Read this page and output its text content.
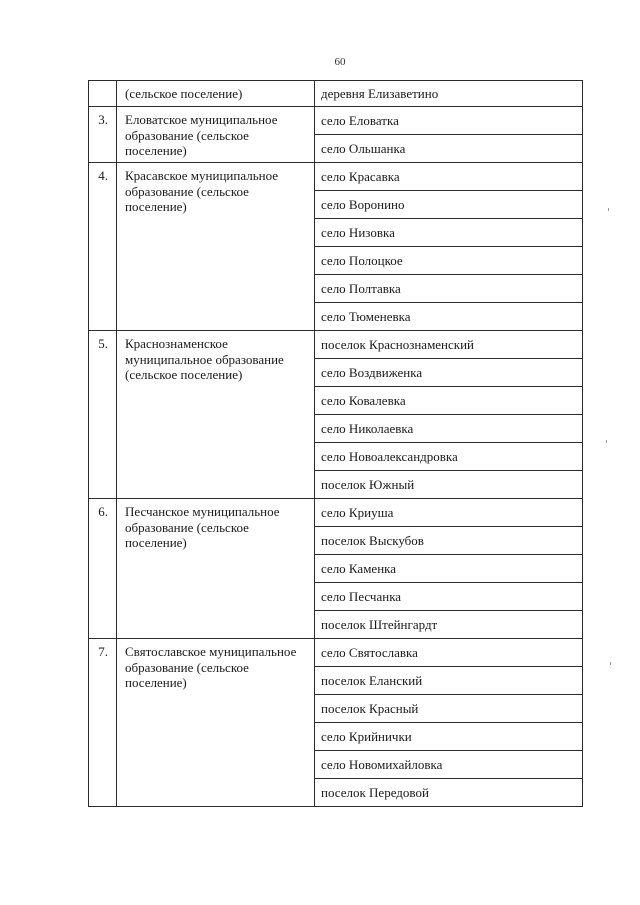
60
	(сельское поселение)	деревня Елизаветино
3.	Еловатское муниципальное образование (сельское поселение)	село Еловатка
		село Ольшанка
4.	Красавское муниципальное образование (сельское поселение)	село Красавка
		село Воронино
		село Низовка
		село Полоцкое
		село Полтавка
		село Тюменевка
5.	Краснознаменское муниципальное образование (сельское поселение)	поселок Краснознаменский
		село Воздвиженка
		село Ковалевка
		село Николаевка
		село Новоалександровка
		поселок Южный
6.	Песчанское муниципальное образование (сельское поселение)	село Криуша
		поселок Выскубов
		село Каменка
		село Песчанка
		поселок Штейнгардт
7.	Святославское муниципальное образование (сельское поселение)	село Святославка
		поселок Еланский
		поселок Красный
		село Крийнички
		село Новомихайловка
		поселок Передовой
